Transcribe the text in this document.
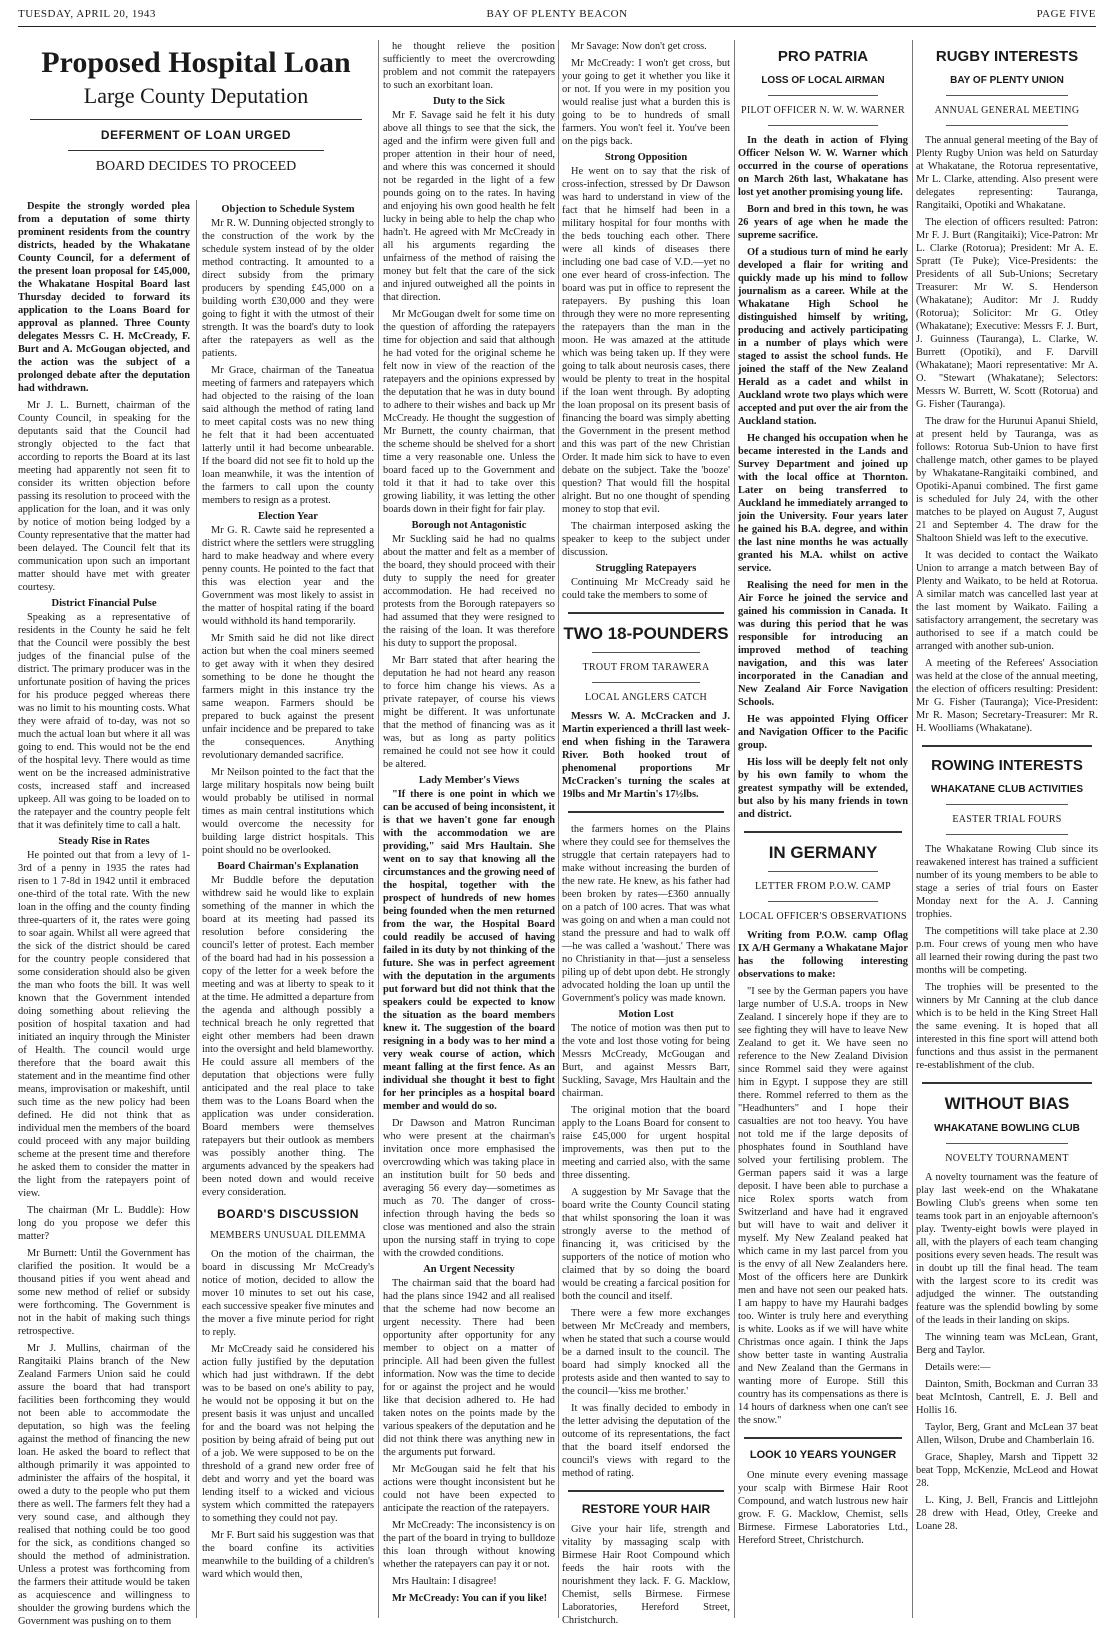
TUESDAY, APRIL 20, 1943	BAY OF PLENTY BEACON	PAGE FIVE
Proposed Hospital Loan
Large County Deputation
DEFERMENT OF LOAN URGED
BOARD DECIDES TO PROCEED

Despite the strongly worded plea from a deputation of some thirty prominent residents from the country districts, headed by the Whakatane County Council, for a deferment of the present loan proposal for £45,000, the Whakatane Hospital Board last Thursday decided to forward its application to the Loans Board for approval as planned. Three County delegates Messrs C. H. McCready, F. Burt and A. McGougan objected, and the action was the subject of a prolonged debate after the deputation had withdrawn.

Mr J. L. Burnett, chairman of the County Council, in speaking for the deputants said that the Council had strongly objected to the fact that according to reports the Board at its last meeting had apparently not seen fit to consider its written objection before passing its resolution to proceed with the application for the loan, and it was only by notice of motion being lodged by a County representative that the matter had been delayed. The Council felt that its communication upon such an important matter should have met with greater courtesy.

District Financial Pulse

Speaking as a representative of residents in the County he said he felt that the Council were possibly the best judges of the financial pulse of the district. The primary producer was in the unfortunate position of having the prices for his produce pegged whereas there was no limit to his mounting costs. What they were afraid of to-day, was not so much the actual loan but where it all was going to end. This would not be the end of the hospital levy. There would as time went on be the increased administrative costs, increased staff and increased upkeep. All was going to be loaded on to the ratepayer and the country people felt that it was definitely time to call a halt.

Steady Rise in Rates

He pointed out that from a levy of 1-3rd of a penny in 1935 the rates had risen to 1 7-8d in 1942 until it embraced one-third of the total rate. With the new loan in the offing and the county finding three-quarters of it, the rates were going to soar again. Whilst all were agreed that the sick of the district should be cared for the country people considered that some consideration should also be given the man who foots the bill. It was well known that the Government intended doing something about relieving the position of hospital taxation and had initiated an inquiry through the Minister of Health. The council would urge therefore that the board await this statement and in the meantime find other means, improvisation or makeshift, until such time as the new policy had been defined. He did not think that as individual men the members of the board could proceed with any major building scheme at the present time and therefore he asked them to consider the matter in the light from the ratepayers point of view.

The chairman (Mr L. Buddle): How long do you propose we defer this matter?

Mr Burnett: Until the Government has clarified the position. It would be a thousand pities if you went ahead and some new method of relief or subsidy were forthcoming. The Government is not in the habit of making such things retrospective.

Mr J. Mullins, chairman of the Rangitaiki Plains branch of the New Zealand Farmers Union said he could assure the board that had transport facilities been forthcoming they would not been able to accommodate the deputation, so high was the feeling against the method of financing the new loan. He asked the board to reflect that although primarily it was appointed to administer the affairs of the hospital, it owed a duty to the people who put them there as well. The farmers felt they had a very sound case, and although they realised that nothing could be too good for the sick, as conditions changed so should the method of administration. Unless a protest was forthcoming from the farmers their attitude would be taken as acquiescence and willingness to shoulder the growing burdens which the Government was pushing on to them

Objection to Schedule System

Mr R. W. Dunning objected strongly to the construction of the work by the schedule system instead of by the older method contracting. It amounted to a direct subsidy from the primary producers by spending £45,000 on a building worth £30,000 and they were going to fight it with the utmost of their strength. It was the board's duty to look after the ratepayers as well as the patients.

Mr Grace, chairman of the Taneatua meeting of farmers and ratepayers which had objected to the raising of the loan said although the method of rating land to meet capital costs was no new thing he felt that it had been accentuated latterly until it had become unbearable. If the board did not see fit to hold up the loan meanwhile, it was the intention of the farmers to call upon the county members to resign as a protest.

Election Year

Mr G. R. Cawte said he represented a district where the settlers were struggling hard to make headway and where every penny counts. He pointed to the fact that this was election year and the Government was most likely to assist in the matter of hospital rating if the board would withhold its hand temporarily.

Mr Smith said he did not like direct action but when the coal miners seemed to get away with it when they desired something to be done he thought the farmers might in this instance try the same weapon. Farmers should be prepared to buck against the present unfair incidence and be prepared to take the consequences. Anything revolutionary demanded sacrifice.

Mr Neilson pointed to the fact that the large military hospitals now being built would probably be utilised in normal times as main central institutions which would overcome the necessity for building large district hospitals. This point should no be overlooked.

Board Chairman's Explanation

Mr Buddle before the deputation withdrew said he would like to explain something of the manner in which the board at its meeting had passed its resolution before considering the council's letter of protest. Each member of the board had had in his possession a copy of the letter for a week before the meeting and was at liberty to speak to it at the time. He admitted a departure from the agenda and although possibly a technical breach he only regretted that eight other members had been drawn into the oversight and held blameworthy. He could assure all members of the deputation that objections were fully anticipated and the real place to take them was to the Loans Board when the application was under consideration. Board members were themselves ratepayers but their outlook as members was possibly another thing. The arguments advanced by the speakers had been noted down and would receive every consideration.

BOARD'S DISCUSSION
MEMBERS UNUSUAL DILEMMA

On the motion of the chairman, the board in discussing Mr McCready's notice of motion, decided to allow the mover 10 minutes to set out his case, each successive speaker five minutes and the mover a five minute period for right to reply.

Mr McCready said he considered his action fully justified by the deputation which had just withdrawn. If the debt was to be based on one's ability to pay, he would not be opposing it but on the present basis it was unjust and uncalled for and the board was not helping the position by being afraid of being put out of a job. We were supposed to be on the threshold of a grand new order free of debt and worry and yet the board was lending itself to a wicked and vicious system which committed the ratepayers to something they could not pay.

Mr F. Burt said his suggestion was that the board confine its activities meanwhile to the building of a children's ward which would then,

he thought relieve the position sufficiently to meet the overcrowding problem and not commit the ratepayers to such an exorbitant loan.

Duty to the Sick

Mr F. Savage said he felt it his duty above all things to see that the sick, the aged and the infirm were given full and proper attention in their hour of need, and where this was concerned it should not be regarded in the light of a few pounds going on to the rates. In having and enjoying his own good health he felt lucky in being able to help the chap who hadn't. He agreed with Mr McCready in all his arguments regarding the unfairness of the method of raising the money but felt that the care of the sick and injured outweighed all the points in that direction.

Mr McGougan dwelt for some time on the question of affording the ratepayers time for objection and said that although he had voted for the original scheme he felt now in view of the reaction of the ratepayers and the opinions expressed by the deputation that he was in duty bound to adhere to their wishes and back up Mr McCready. He thought the suggestion of Mr Burnett, the county chairman, that the scheme should be shelved for a short time a very reasonable one. Unless the board faced up to the Government and told it that it had to take over this growing liability, it was letting the other boards down in their fight for fair play.

Borough not Antagonistic

Mr Suckling said he had no qualms about the matter and felt as a member of the board, they should proceed with their duty to supply the need for greater accommodation. He had received no protests from the Borough ratepayers so had assumed that they were resigned to the raising of the loan. It was therefore his duty to support the proposal.

Mr Barr stated that after hearing the deputation he had not heard any reason to force him change his views. As a private ratepayer, of course his views might be different. It was unfortunate that the method of financing was as it was, but as long as party politics remained he could not see how it could be altered.

Lady Member's Views

"If there is one point in which we can be accused of being inconsistent, it is that we haven't gone far enough with the accommodation we are providing," said Mrs Haultain. She went on to say that knowing all the circumstances and the growing need of the hospital, together with the prospect of hundreds of new homes being founded when the men returned from the war, the Hospital Board could readily be accused of having failed in its duty by not thinking of the future. She was in perfect agreement with the deputation in the arguments put forward but did not think that the speakers could be expected to know the situation as the board members knew it. The suggestion of the board resigning in a body was to her mind a very weak course of action, which meant falling at the first fence. As an individual she thought it best to fight for her principles as a hospital board member and would do so.

Dr Dawson and Matron Runciman who were present at the chairman's invitation once more emphasised the overcrowding which was taking place in an institution built for 50 beds and averaging 56 every day—sometimes as much as 70. The danger of cross-infection through having the beds so close was mentioned and also the strain upon the nursing staff in trying to cope with the crowded conditions.

An Urgent Necessity

The chairman said that the board had had the plans since 1942 and all realised that the scheme had now become an urgent necessity. There had been opportunity after opportunity for any member to object on a matter of principle. All had been given the fullest information. Now was the time to decide for or against the project and he would like that decision adhered to. He had taken notes on the points made by the various speakers of the deputation and he did not think there was anything new in the arguments put forward.

Mr McGougan said he felt that his actions were thought inconsistent but he could not have been expected to anticipate the reaction of the ratepayers.

Mr McCready: The inconsistency is on the part of the board in trying to bulldoze this loan through without knowing whether the ratepayers can pay it or not.

Mrs Haultain: I disagree!

Mr McCready: You can if you like!

Mr Savage: Now don't get cross.

Mr McCready: I won't get cross, but your going to get it whether you like it or not. If you were in my position you would realise just what a burden this is going to be to hundreds of small farmers. You won't feel it. You've been on the pigs back.

Strong Opposition

He went on to say that the risk of cross-infection, stressed by Dr Dawson was hard to understand in view of the fact that he himself had been in a military hospital for four months with the beds touching each other. There were all kinds of diseases there including one bad case of V.D.—yet no one ever heard of cross-infection. The board was put in office to represent the ratepayers. By pushing this loan through they were no more representing the ratepayers than the man in the moon. He was amazed at the attitude which was being taken up. If they were going to talk about neurosis cases, there would be plenty to treat in the hospital if the loan went through. By adopting the loan proposal on its present basis of financing the board was simply abetting the Government in the present method and this was part of the new Christian Order. It made him sick to have to even debate on the subject. Take the 'booze' question? That would fill the hospital alright. But no one thought of spending money to stop that evil.

The chairman interposed asking the speaker to keep to the subject under discussion.

Struggling Ratepayers

Continuing Mr McCready said he could take the members to some of

TWO 18-POUNDERS
TROUT FROM TARAWERA
LOCAL ANGLERS CATCH

Messrs W. A. McCracken and J. Martin experienced a thrill last week-end when fishing in the Tarawera River. Both hooked trout of phenomenal proportions Mr McCracken's turning the scales at 19lbs and Mr Martin's 17½lbs.

the farmers homes on the Plains where they could see for themselves the struggle that certain ratepayers had to make without increasing the burden of the new rate. He knew, as his father had been broken by rates—£360 annually on a patch of 100 acres. That was what was going on and when a man could not stand the pressure and had to walk off—he was called a 'washout.' There was no Christianity in that—just a senseless piling up of debt upon debt. He strongly advocated holding the loan up until the Government's policy was made known.

Motion Lost

The notice of motion was then put to the vote and lost those voting for being Messrs McCready, McGougan and Burt, and against Messrs Barr, Suckling, Savage, Mrs Haultain and the chairman.

The original motion that the board apply to the Loans Board for consent to raise £45,000 for urgent hospital improvements, was then put to the meeting and carried also, with the same three dissenting.

A suggestion by Mr Savage that the board write the County Council stating that whilst sponsoring the loan it was strongly averse to the method of financing it, was criticised by the supporters of the notice of motion who claimed that by so doing the board would be creating a farcical position for both the council and itself.

There were a few more exchanges between Mr McCready and members, when he stated that such a course would be a darned insult to the council. The board had simply knocked all the protests aside and then wanted to say to the council—'kiss me brother.'

It was finally decided to embody in the letter advising the deputation of the outcome of its representations, the fact that the board itself endorsed the council's views with regard to the method of rating.

RESTORE YOUR HAIR

Give your hair life, strength and vitality by massaging scalp with Birmese Hair Root Compound which feeds the hair roots with the nourishment they lack. F. G. Macklow, Chemist, sells Birmese. Firmese Laboratories, Hereford Street, Christchurch.

PRO PATRIA
LOSS OF LOCAL AIRMAN
PILOT OFFICER N. W. W. WARNER

In the death in action of Flying Officer Nelson W. W. Warner which occurred in the course of operations on March 26th last, Whakatane has lost yet another promising young life.

Born and bred in this town, he was 26 years of age when he made the supreme sacrifice.

Of a studious turn of mind he early developed a flair for writing and quickly made up his mind to follow journalism as a career. While at the Whakatane High School he distinguished himself by writing, producing and actively participating in a number of plays which were staged to assist the school funds. He joined the staff of the New Zealand Herald as a cadet and whilst in Auckland wrote two plays which were accepted and put over the air from the Auckland station.

He changed his occupation when he became interested in the Lands and Survey Department and joined up with the local office at Thornton. Later on being transferred to Auckland he immediately arranged to join the University. Four years later he gained his B.A. degree, and within the last nine months he was actually granted his M.A. whilst on active service.

Realising the need for men in the Air Force he joined the service and gained his commission in Canada. It was during this period that he was responsible for introducing an improved method of teaching navigation, and this was later incorporated in the Canadian and New Zealand Air Force Navigation Schools.

He was appointed Flying Officer and Navigation Officer to the Pacific group.

His loss will be deeply felt not only by his own family to whom the greatest sympathy will be extended, but also by his many friends in town and district.

IN GERMANY
LETTER FROM P.O.W. CAMP
LOCAL OFFICER'S OBSERVATIONS

Writing from P.O.W. camp Oflag IX A/H Germany a Whakatane Major has the following interesting observations to make:

"I see by the German papers you have large number of U.S.A. troops in New Zealand. I sincerely hope if they are to see fighting they will have to leave New Zealand to get it. We have seen no reference to the New Zealand Division since Rommel said they were against him in Egypt. I suppose they are still there. Rommel referred to them as the "Headhunters" and I hope their casualties are not too heavy. You have not told me if the large deposits of phosphates found in Southland have solved your fertilising problem. The German papers said it was a large deposit. I have been able to purchase a nice Rolex sports watch from Switzerland and have had it engraved but will have to wait and deliver it myself. My New Zealand peaked hat which came in my last parcel from you is the envy of all New Zealanders here. Most of the officers here are Dunkirk men and have not seen our peaked hats. I am happy to have my Haurahi badges too. Winter is truly here and everything is white. Looks as if we will have white Christmas once again. I think the Japs show better taste in wanting Australia and New Zealand than the Germans in wanting more of Europe. Still this country has its compensations as there is 14 hours of darkness when one can't see the snow."

LOOK 10 YEARS YOUNGER

One minute every evening massage your scalp with Birmese Hair Root Compound, and watch lustrous new hair grow. F. G. Macklow, Chemist, sells Birmese. Firmese Laboratories Ltd., Hereford Street, Christchurch.

RUGBY INTERESTS
BAY OF PLENTY UNION
ANNUAL GENERAL MEETING

The annual general meeting of the Bay of Plenty Rugby Union was held on Saturday at Whakatane, the Rotorua representative, Mr L. Clarke, attending. Also present were delegates representing: Tauranga, Rangitaiki, Opotiki and Whakatane.

The election of officers resulted: Patron: Mr F. J. Burt (Rangitaiki); Vice-Patron: Mr L. Clarke (Rotorua); President: Mr A. E. Spratt (Te Puke); Vice-Presidents: the Presidents of all Sub-Unions; Secretary Treasurer: Mr W. S. Henderson (Whakatane); Auditor: Mr J. Ruddy (Rotorua); Solicitor: Mr G. Otley (Whakatane); Executive: Messrs F. J. Burt, J. Guinness (Tauranga), L. Clarke, W. Burrett (Opotiki), and F. Darvill (Whakatane); Maori representative: Mr A. O. "Stewart (Whakatane); Selectors: Messrs W. Burrett, W. Scott (Rotorua) and G. Fisher (Tauranga).

The draw for the Hurunui Apanui Shield, at present held by Tauranga, was as follows: Rotorua Sub-Union to have first challenge match, other games to be played by Whakatane-Rangitaiki combined, and Opotiki-Apanui combined. The first game is scheduled for July 24, with the other matches to be played on August 7, August 21 and September 4. The draw for the Shaltoon Shield was left to the executive.

It was decided to contact the Waikato Union to arrange a match between Bay of Plenty and Waikato, to be held at Rotorua. A similar match was cancelled last year at the last moment by Waikato. Failing a satisfactory arrangement, the secretary was authorised to see if a match could be arranged with another sub-union.

A meeting of the Referees' Association was held at the close of the annual meeting, the election of officers resulting: President: Mr G. Fisher (Tauranga); Vice-President: Mr R. Mason; Secretary-Treasurer: Mr R. H. Woolliams (Whakatane).

ROWING INTERESTS
WHAKATANE CLUB ACTIVITIES
EASTER TRIAL FOURS

The Whakatane Rowing Club since its reawakened interest has trained a sufficient number of its young members to be able to stage a series of trial fours on Easter Monday next for the A. J. Canning trophies.

The competitions will take place at 2.30 p.m. Four crews of young men who have all learned their rowing during the past two months will be competing.

The trophies will be presented to the winners by Mr Canning at the club dance which is to be held in the King Street Hall the same evening. It is hoped that all interested in this fine sport will attend both functions and thus assist in the permanent re-establishment of the club.

WITHOUT BIAS
WHAKATANE BOWLING CLUB
NOVELTY TOURNAMENT

A novelty tournament was the feature of play last week-end on the Whakatane Bowling Club's greens when some ten teams took part in an enjoyable afternoon's play. Twenty-eight bowls were played in all, with the players of each team changing positions every seven heads. The result was in doubt up till the final head. The team with the largest score to its credit was adjudged the winner. The outstanding feature was the splendid bowling by some of the leads in their landing on skips.

The winning team was McLean, Grant, Berg and Taylor.

Details were:—

Dainton, Smith, Bockman and Curran 33 beat McIntosh, Cantrell, E. J. Bell and Hollis 16.

Taylor, Berg, Grant and McLean 37 beat Allen, Wilson, Drube and Chamberlain 16.

Grace, Shapley, Marsh and Tippett 32 beat Topp, McKenzie, McLeod and Howat 28.

L. King, J. Bell, Francis and Littlejohn 28 drew with Head, Otley, Creeke and Loane 28.
